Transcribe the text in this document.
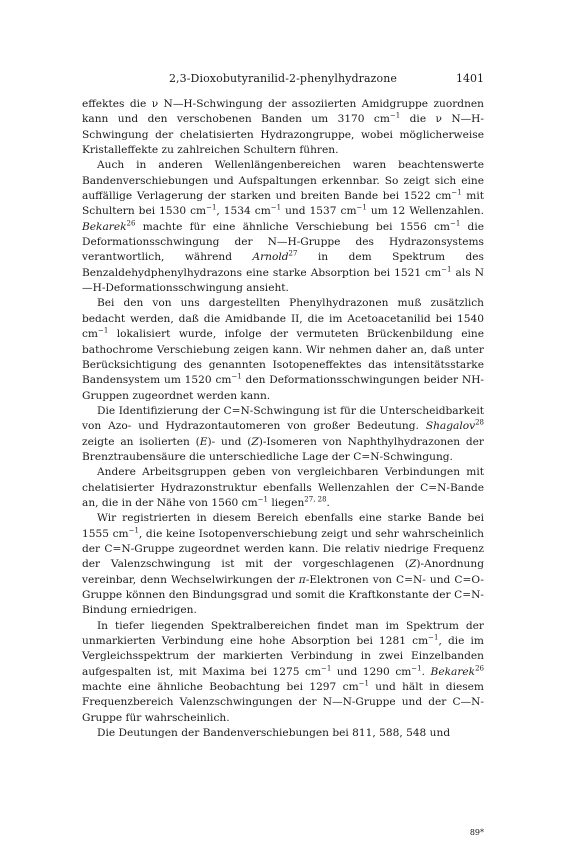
2,3-Dioxobutyranilid-2-phenylhydrazone	1401

effektes die ν N—H-Schwingung der assoziierten Amidgruppe zuordnen kann und den verschobenen Banden um 3170 $cm^{-1}$ die ν N—H-Schwingung der chelatisierten Hydrazongruppe, wobei möglicherweise Kristalleffekte zu zahlreichen Schultern führen.

Auch in anderen Wellenlängenbereichen waren beachtenswerte Bandenverschiebungen und Aufspaltungen erkennbar. So zeigt sich eine auffällige Verlagerung der starken und breiten Bande bei 1522 $cm^{-1}$ mit Schultern bei 1530 $cm^{-1}$, 1534 $cm^{-1}$ und 1537 $cm^{-1}$ um 12 Wellenzahlen. Bekarek$^{26}$ machte für eine ähnliche Verschiebung bei 1556 $cm^{-1}$ die Deformationsschwingung der N—H-Gruppe des Hydrazonsystems verantwortlich, während Arnold$^{27}$ in dem Spektrum des Benzaldehydphenylhydrazons eine starke Absorption bei 1521 $cm^{-1}$ als N—H-Deformationsschwingung ansieht.

Bei den von uns dargestellten Phenylhydrazonen muß zusätzlich bedacht werden, daß die Amidbande II, die im Acetoacetanilid bei 1540 $cm^{-1}$ lokalisiert wurde, infolge der vermuteten Brückenbildung eine bathochrome Verschiebung zeigen kann. Wir nehmen daher an, daß unter Berücksichtigung des genannten Isotopeneffektes das intensitätsstarke Bandensystem um 1520 $cm^{-1}$ den Deformationsschwingungen beider NH-Gruppen zugeordnet werden kann.

Die Identifizierung der C=N-Schwingung ist für die Unterscheidbarkeit von Azo- und Hydrazontautomeren von großer Bedeutung. Shagalov$^{28}$ zeigte an isolierten (E)- und (Z)-Isomeren von Naphthylhydrazonen der Brenztraubensäure die unterschiedliche Lage der C=N-Schwingung.

Andere Arbeitsgruppen geben von vergleichbaren Verbindungen mit chelatisierter Hydrazonstruktur ebenfalls Wellenzahlen der C=N-Bande an, die in der Nähe von 1560 $cm^{-1}$ liegen$^{27, 28}$.

Wir registrierten in diesem Bereich ebenfalls eine starke Bande bei 1555 $cm^{-1}$, die keine Isotopenverschiebung zeigt und sehr wahrscheinlich der C=N-Gruppe zugeordnet werden kann. Die relativ niedrige Frequenz der Valenzschwingung ist mit der vorgeschlagenen (Z)-Anordnung vereinbar, denn Wechselwirkungen der π-Elektronen von C=N- und C=O-Gruppe können den Bindungsgrad und somit die Kraftkonstante der C=N-Bindung erniedrigen.

In tiefer liegenden Spektralbereichen findet man im Spektrum der unmarkierten Verbindung eine hohe Absorption bei 1281 $cm^{-1}$, die im Vergleichsspektrum der markierten Verbindung in zwei Einzelbanden aufgespalten ist, mit Maxima bei 1275 $cm^{-1}$ und 1290 $cm^{-1}$. Bekarek$^{26}$ machte eine ähnliche Beobachtung bei 1297 $cm^{-1}$ und hält in diesem Frequenzbereich Valenzschwingungen der N—N-Gruppe und der C—N-Gruppe für wahrscheinlich.

Die Deutungen der Bandenverschiebungen bei 811, 588, 548 und

89*
